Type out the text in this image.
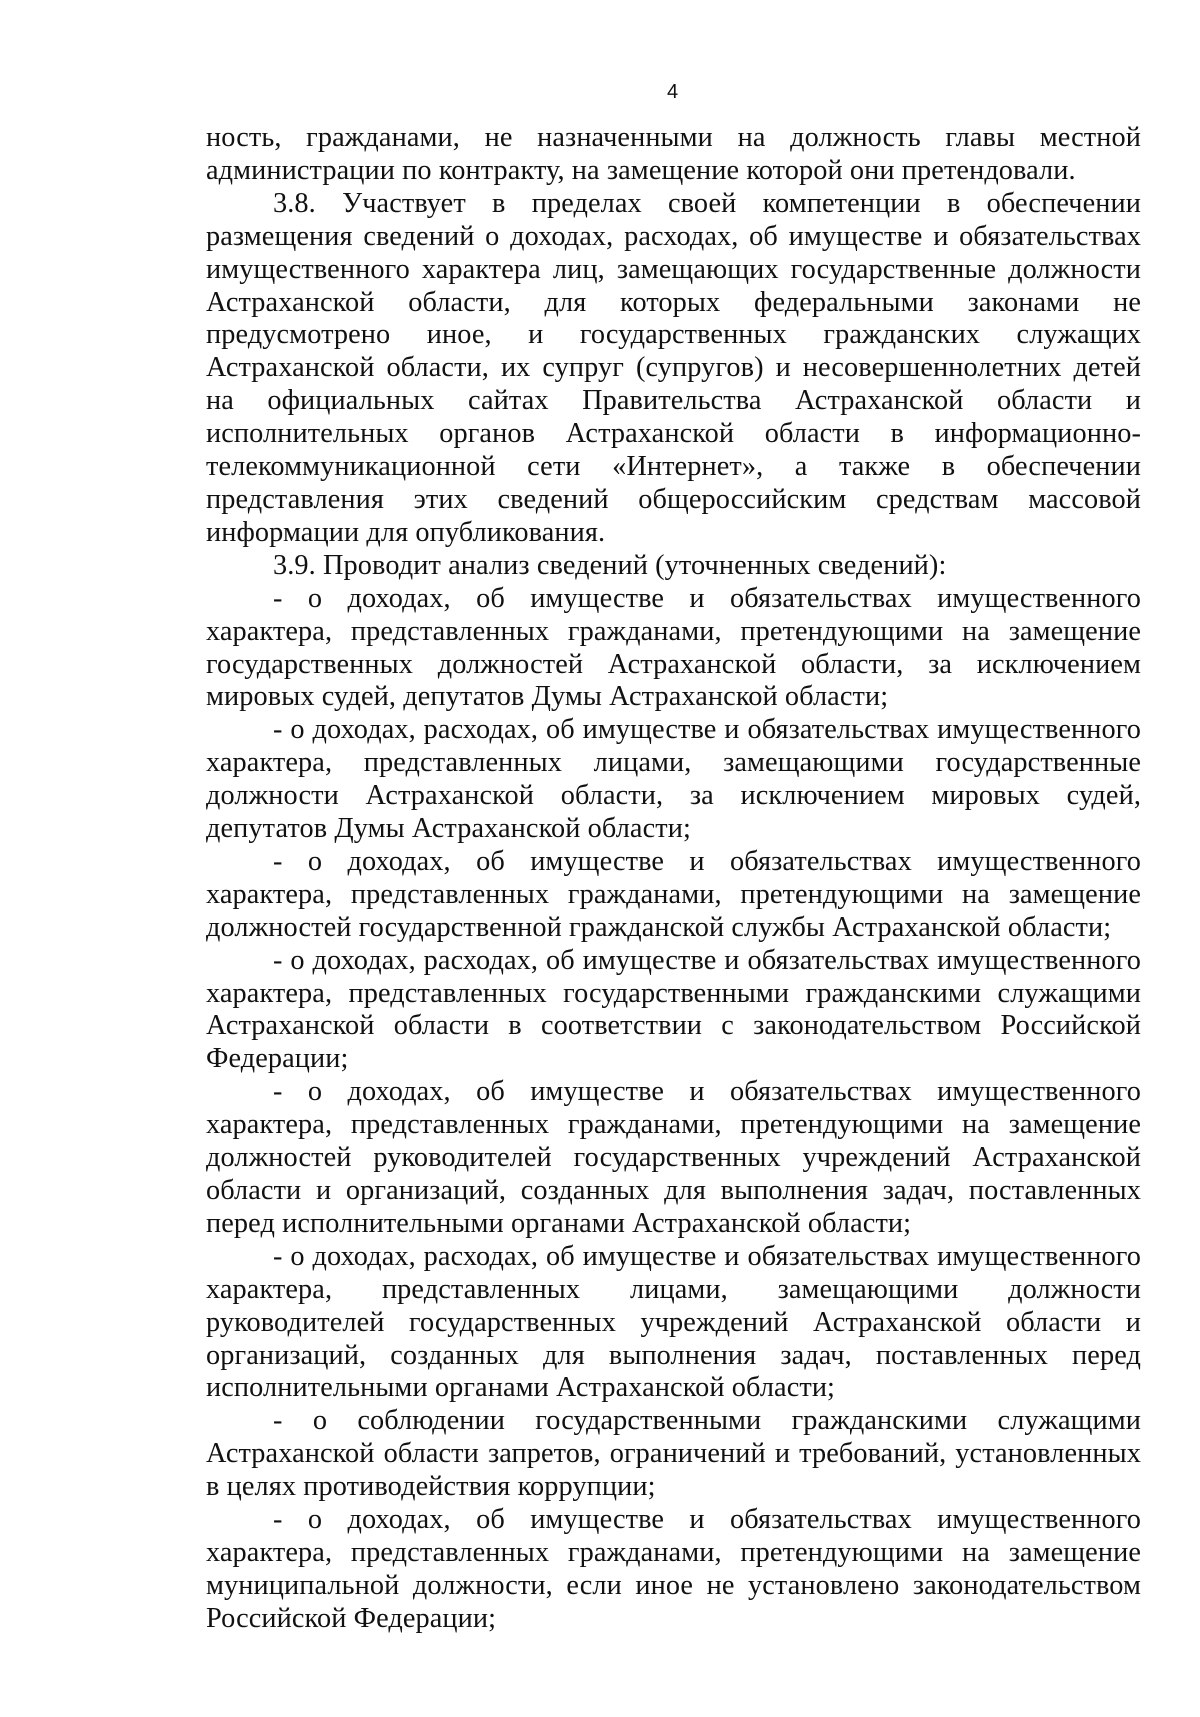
4

ность, гражданами, не назначенными на должность главы местной администрации по контракту, на замещение которой они претендовали.

3.8. Участвует в пределах своей компетенции в обеспечении размещения сведений о доходах, расходах, об имуществе и обязательствах имущественного характера лиц, замещающих государственные должности Астраханской области, для которых федеральными законами не предусмотрено иное, и государственных гражданских служащих Астраханской области, их супруг (супругов) и несовершеннолетних детей на официальных сайтах Правительства Астраханской области и исполнительных органов Астраханской области в информационно-телекоммуникационной сети «Интернет», а также в обеспечении представления этих сведений общероссийским средствам массовой информации для опубликования.

3.9. Проводит анализ сведений (уточненных сведений):

- о доходах, об имуществе и обязательствах имущественного характера, представленных гражданами, претендующими на замещение государственных должностей Астраханской области, за исключением мировых судей, депутатов Думы Астраханской области;

- о доходах, расходах, об имуществе и обязательствах имущественного характера, представленных лицами, замещающими государственные должности Астраханской области, за исключением мировых судей, депутатов Думы Астраханской области;

- о доходах, об имуществе и обязательствах имущественного характера, представленных гражданами, претендующими на замещение должностей государственной гражданской службы Астраханской области;

- о доходах, расходах, об имуществе и обязательствах имущественного характера, представленных государственными гражданскими служащими Астраханской области в соответствии с законодательством Российской Федерации;

- о доходах, об имуществе и обязательствах имущественного характера, представленных гражданами, претендующими на замещение должностей руководителей государственных учреждений Астраханской области и организаций, созданных для выполнения задач, поставленных перед исполнительными органами Астраханской области;

- о доходах, расходах, об имуществе и обязательствах имущественного характера, представленных лицами, замещающими должности руководителей государственных учреждений Астраханской области и организаций, созданных для выполнения задач, поставленных перед исполнительными органами Астраханской области;

- о соблюдении государственными гражданскими служащими Астраханской области запретов, ограничений и требований, установленных в целях противодействия коррупции;

- о доходах, об имуществе и обязательствах имущественного характера, представленных гражданами, претендующими на замещение муниципальной должности, если иное не установлено законодательством Российской Федерации;
